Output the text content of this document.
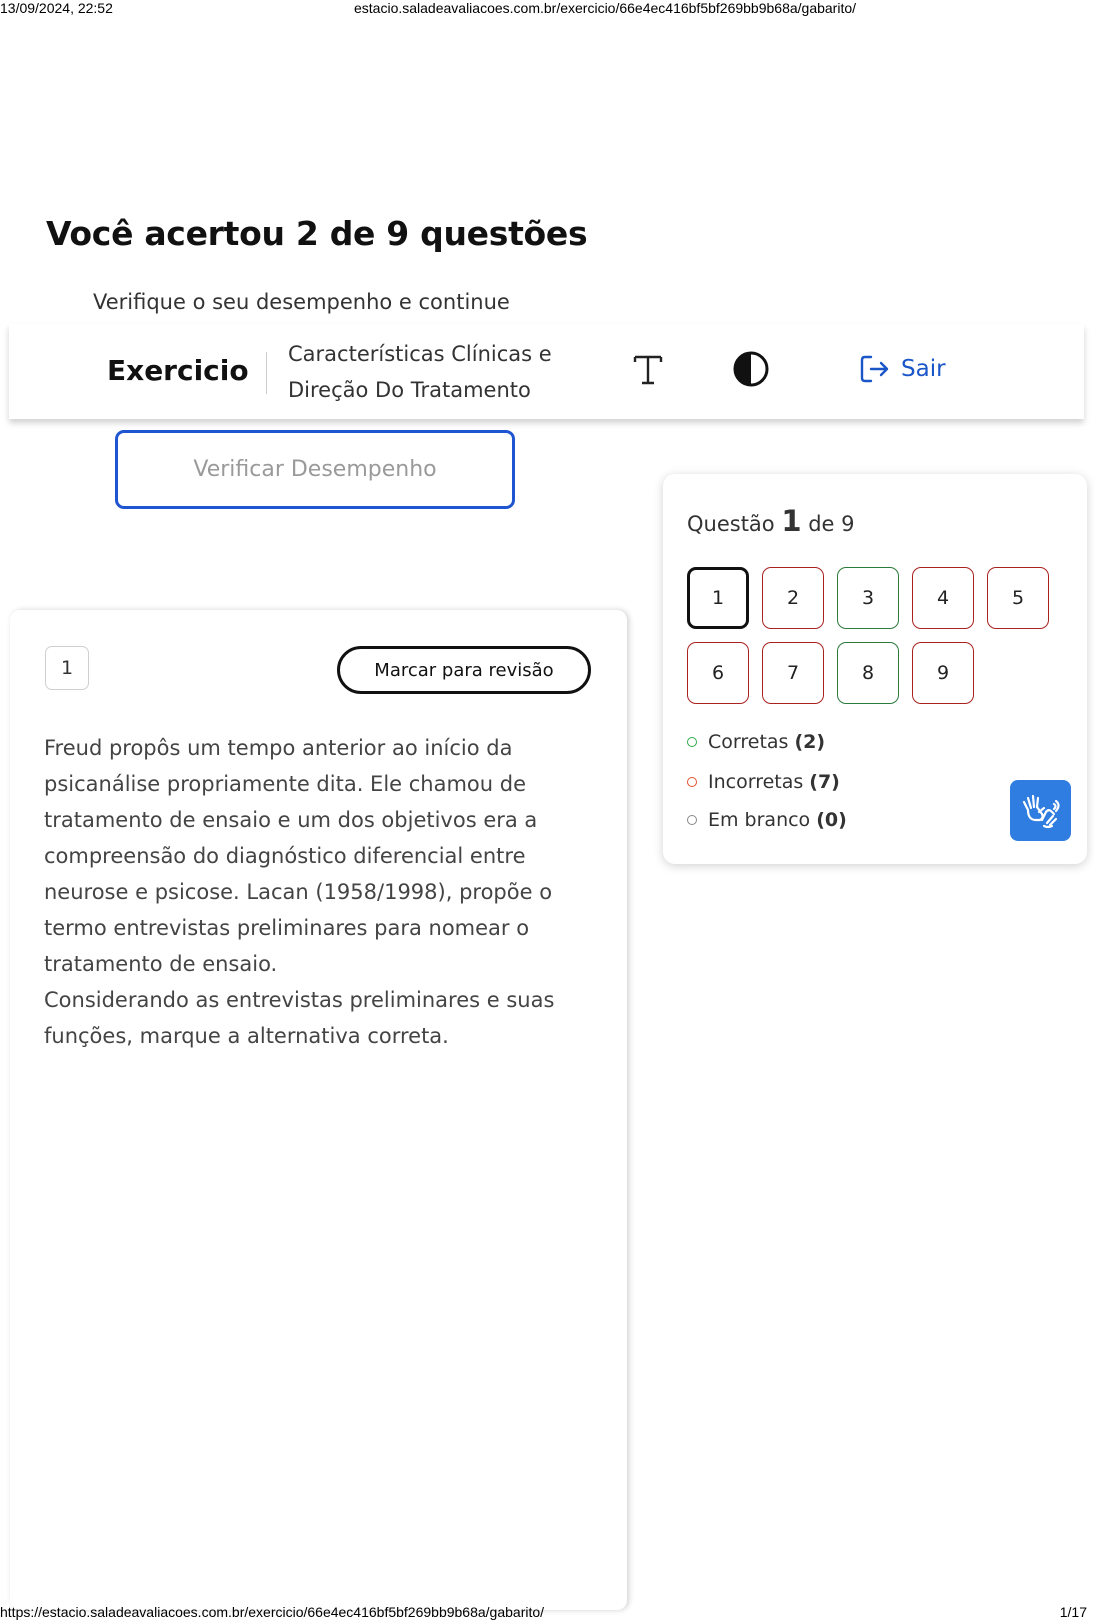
13/09/2024, 22:52	estacio.saladeavaliacoes.com.br/exercicio/66e4ec416bf5bf269bb9b68a/gabarito/
Você acertou 2 de 9 questões
Verifique o seu desempenho e continue
Exercicio Características Clínicas e
Direção Do Tratamento
Sair
Verificar Desempenho
1	Marcar para revisão

Freud propôs um tempo anterior ao início da psicanálise propriamente dita. Ele chamou de tratamento de ensaio e um dos objetivos era a compreensão do diagnóstico diferencial entre neurose e psicose. Lacan (1958/1998), propõe o termo entrevistas preliminares para nomear o tratamento de ensaio.

Considerando as entrevistas preliminares e suas funções, marque a alternativa correta.

Questão 1 de 9
1	2	3	4	5
6	7	8	9
Corretas (2)
Incorretas (7)
Em branco (0)
https://estacio.saladeavaliacoes.com.br/exercicio/66e4ec416bf5bf269bb9b68a/gabarito/	1/17
